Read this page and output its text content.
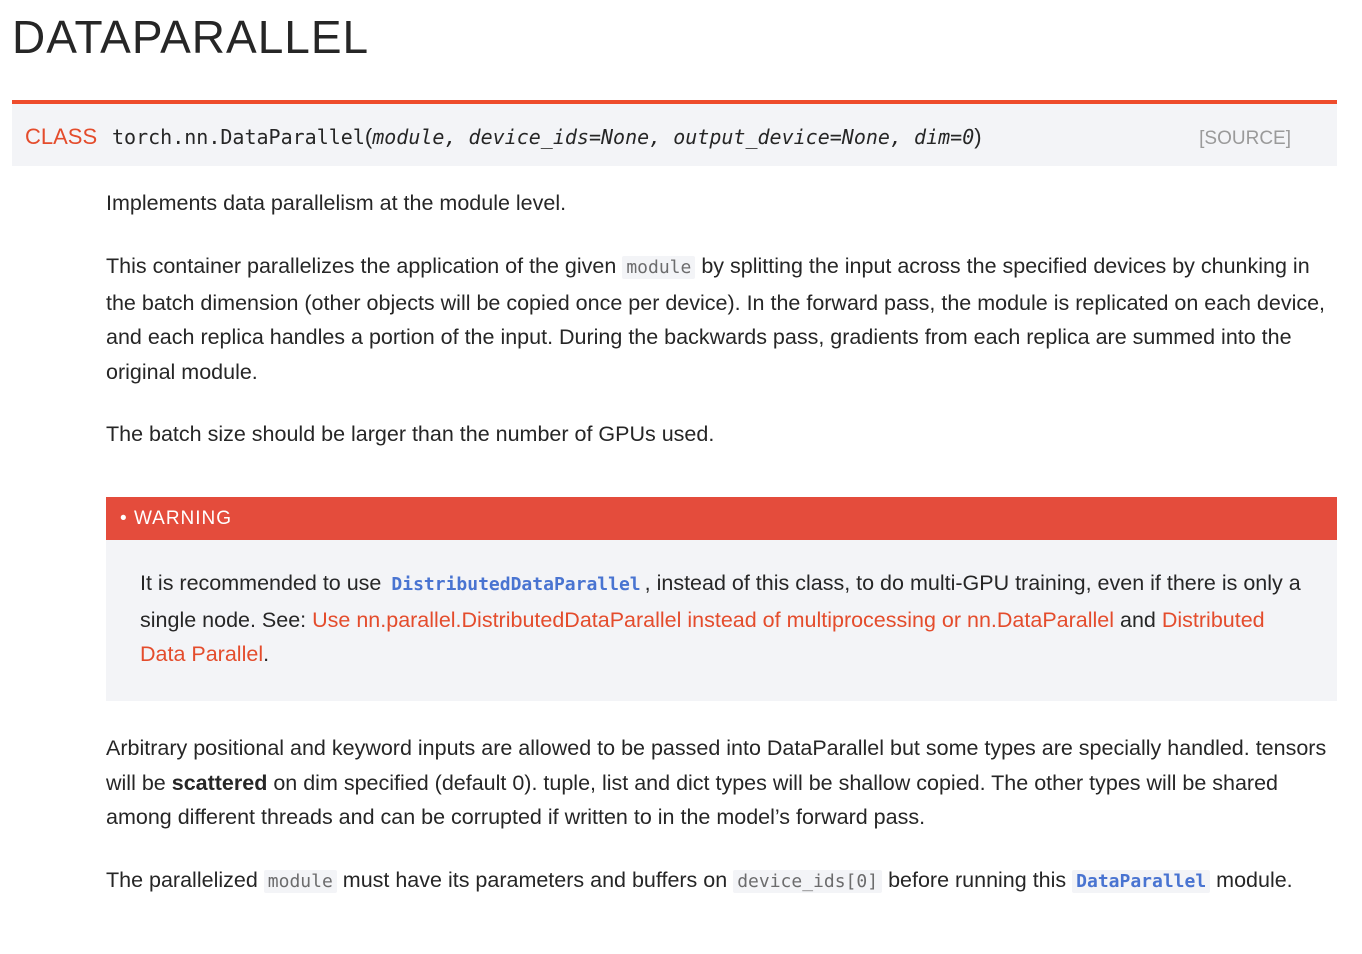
DATAPARALLEL
CLASS torch.nn.DataParallel(module, device_ids=None, output_device=None, dim=0)	[SOURCE]

Implements data parallelism at the module level.

This container parallelizes the application of the given module by splitting the input across the specified devices by chunking in the batch dimension (other objects will be copied once per device). In the forward pass, the module is replicated on each device, and each replica handles a portion of the input. During the backwards pass, gradients from each replica are summed into the original module.

The batch size should be larger than the number of GPUs used.

• WARNING

It is recommended to use DistributedDataParallel , instead of this class, to do multi-GPU training, even if there is only a single node. See: Use nn.parallel.DistributedDataParallel instead of multiprocessing or nn.DataParallel and Distributed Data Parallel.

Arbitrary positional and keyword inputs are allowed to be passed into DataParallel but some types are specially handled. tensors will be scattered on dim specified (default 0). tuple, list and dict types will be shallow copied. The other types will be shared among different threads and can be corrupted if written to in the model’s forward pass.

The parallelized module must have its parameters and buffers on device_ids[0] before running this DataParallel module.
